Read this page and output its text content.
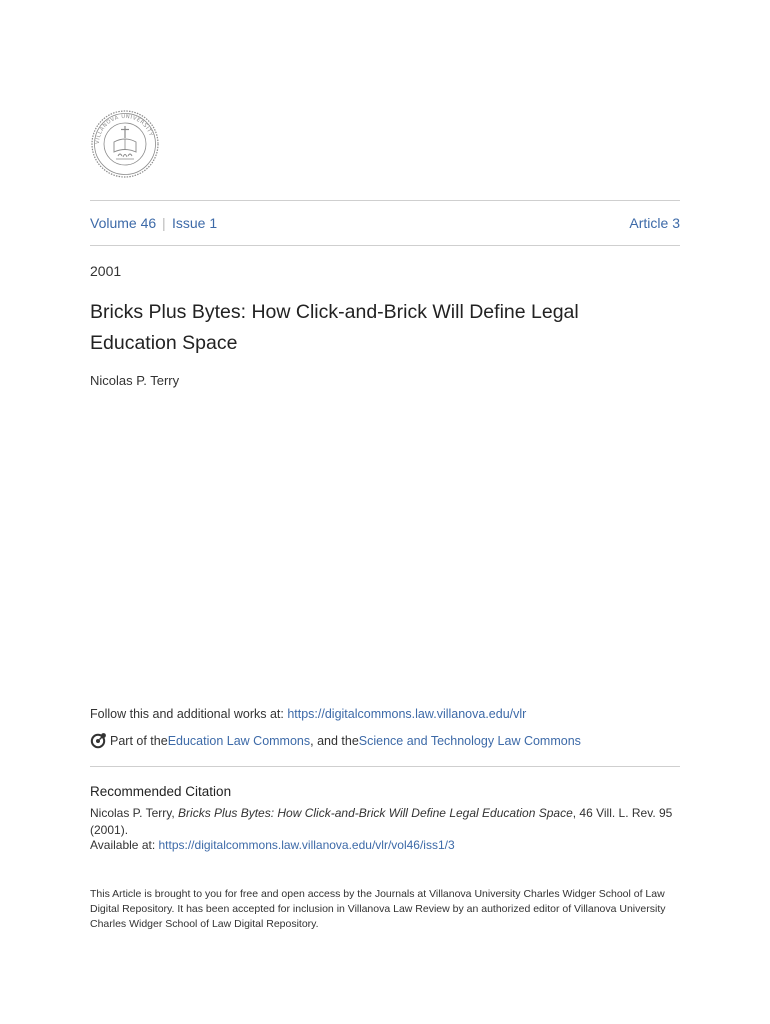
VILLANOVA UNIVERSITY
Volume 46 | Issue 1	Article 3
2001
Bricks Plus Bytes: How Click-and-Brick Will Define Legal Education Space
Nicolas P. Terry
Follow this and additional works at: https://digitalcommons.law.villanova.edu/vlr
Part of the Education Law Commons , and the Science and Technology Law Commons
Recommended Citation
Nicolas P. Terry, Bricks Plus Bytes: How Click-and-Brick Will Define Legal Education Space, 46 Vill. L. Rev. 95 (2001).
Available at: https://digitalcommons.law.villanova.edu/vlr/vol46/iss1/3
This Article is brought to you for free and open access by the Journals at Villanova University Charles Widger School of Law Digital Repository. It has been accepted for inclusion in Villanova Law Review by an authorized editor of Villanova University Charles Widger School of Law Digital Repository.
